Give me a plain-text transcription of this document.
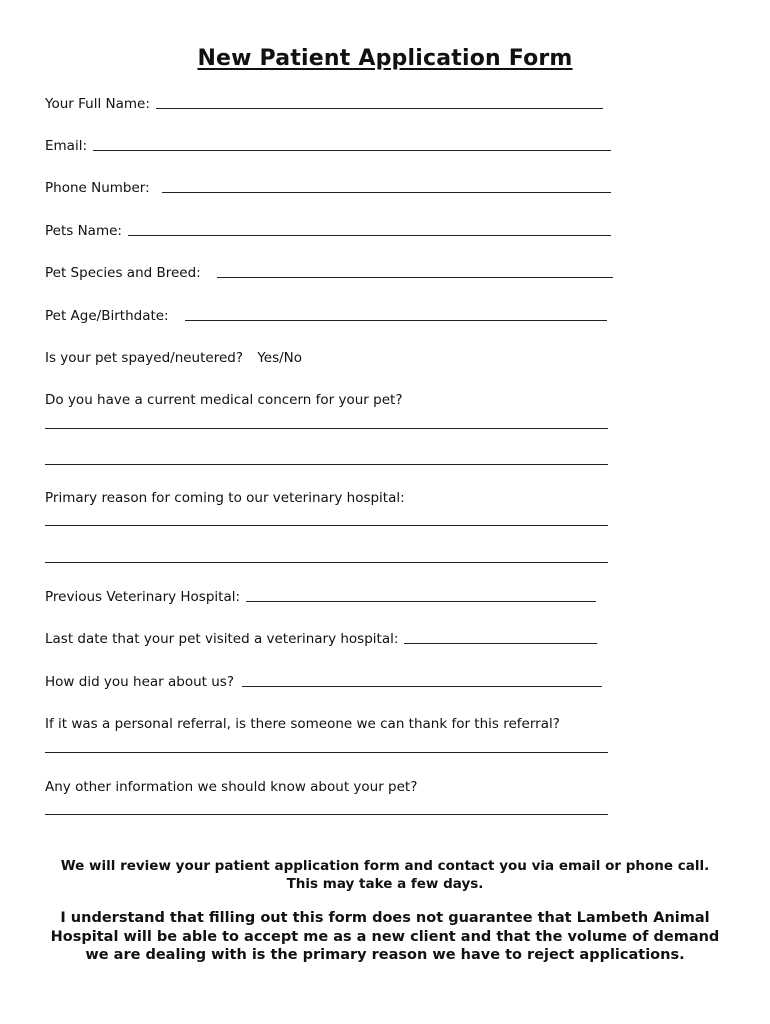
New Patient Application Form
Your Full Name:
Email:
Phone Number:
Pets Name:
Pet Species and Breed:
Pet Age/Birthdate:
Is your pet spayed/neutered? Yes/No
Do you have a current medical concern for your pet?
Primary reason for coming to our veterinary hospital:
Previous Veterinary Hospital:
Last date that your pet visited a veterinary hospital:
How did you hear about us?
If it was a personal referral, is there someone we can thank for this referral?
Any other information we should know about your pet?
We will review your patient application form and contact you via email or phone call.
This may take a few days.
I understand that filling out this form does not guarantee that Lambeth Animal Hospital will be able to accept me as a new client and that the volume of demand we are dealing with is the primary reason we have to reject applications.
